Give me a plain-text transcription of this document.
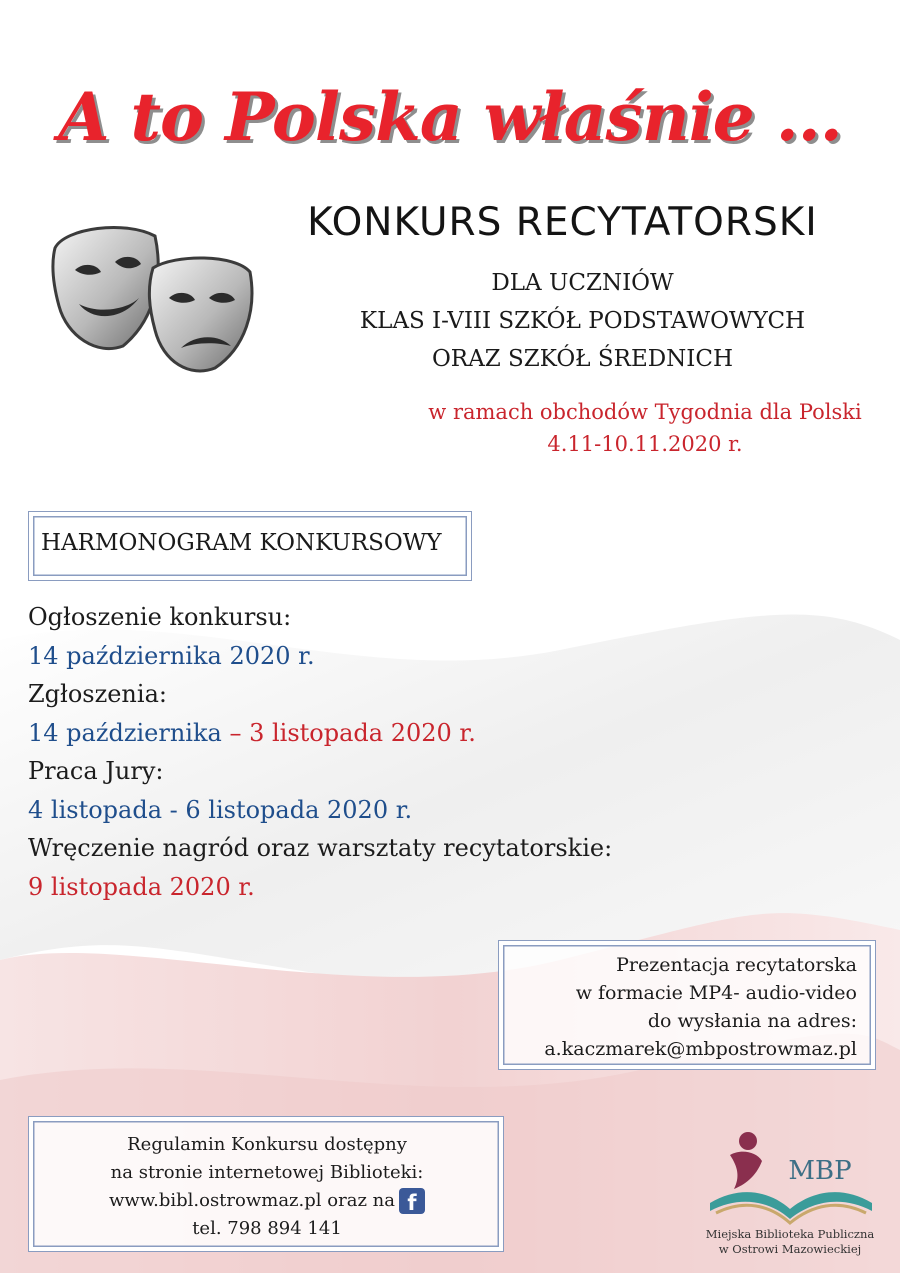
A to Polska właśnie ...
KONKURS RECYTATORSKI
DLA UCZNIÓW
KLAS I-VIII SZKÓŁ PODSTAWOWYCH
ORAZ SZKÓŁ ŚREDNICH
w ramach obchodów Tygodnia dla Polski
4.11-10.11.2020 r.
HARMONOGRAM KONKURSOWY
Ogłoszenie konkursu:
14 października 2020 r.
Zgłoszenia:
14 października – 3 listopada 2020 r.
Praca Jury:
4 listopada - 6 listopada 2020 r.
Wręczenie nagród oraz warsztaty recytatorskie:
9 listopada 2020 r.
Prezentacja recytatorska
w formacie MP4- audio-video
do wysłania na adres:
a.kaczmarek@mbpostrowmaz.pl
Regulamin Konkursu dostępny
na stronie internetowej Biblioteki:
www.bibl.ostrowmaz.pl oraz na f
tel. 798 894 141
MBP
Miejska Biblioteka Publiczna
w Ostrowi Mazowieckiej
